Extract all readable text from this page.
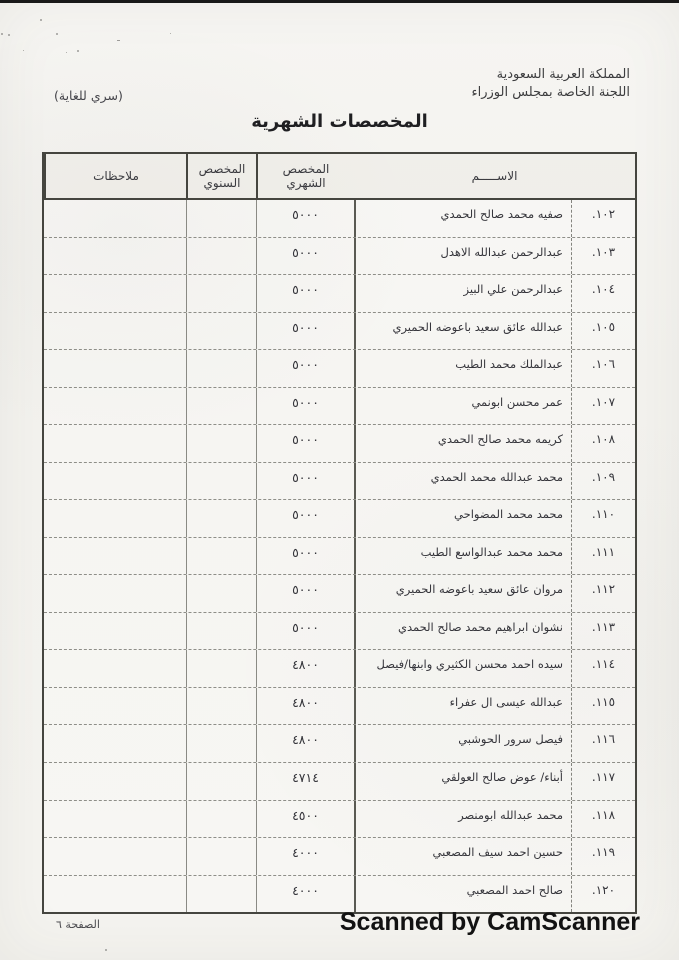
المملكة العربية السعودية
اللجنة الخاصة بمجلس الوزراء
(سري للغاية)
المخصصات الشهرية
الاســـــم
المخصص الشهري
المخصص السنوي
ملاحظات
١٠٢.
صفيه محمد صالح الحمدي
٥٠٠٠
١٠٣.
عبدالرحمن عبدالله الاهدل
٥٠٠٠
١٠٤.
عبدالرحمن علي البيز
٥٠٠٠
١٠٥.
عبدالله عائق سعيد باعوضه الحميري
٥٠٠٠
١٠٦.
عبدالملك محمد الطيب
٥٠٠٠
١٠٧.
عمر محسن ابونمي
٥٠٠٠
١٠٨.
كريمه محمد صالح الحمدي
٥٠٠٠
١٠٩.
محمد عبدالله محمد الحمدي
٥٠٠٠
١١٠.
محمد محمد المضواحي
٥٠٠٠
١١١.
محمد محمد عبدالواسع الطيب
٥٠٠٠
١١٢.
مروان عائق سعيد باعوضه الحميري
٥٠٠٠
١١٣.
نشوان ابراهيم محمد صالح الحمدي
٥٠٠٠
١١٤.
سيده احمد محسن الكثيري وابنها/فيصل
٤٨٠٠
١١٥.
عبدالله عيسى ال عفراء
٤٨٠٠
١١٦.
فيصل سرور الحوشبي
٤٨٠٠
١١٧.
أبناء/ عوض صالح العولقي
٤٧١٤
١١٨.
محمد عبدالله ابومنصر
٤٥٠٠
١١٩.
حسين احمد سيف المصعبي
٤٠٠٠
١٢٠.
صالح احمد المصعبي
٤٠٠٠
الصفحة ٦	Scanned by CamScanner
